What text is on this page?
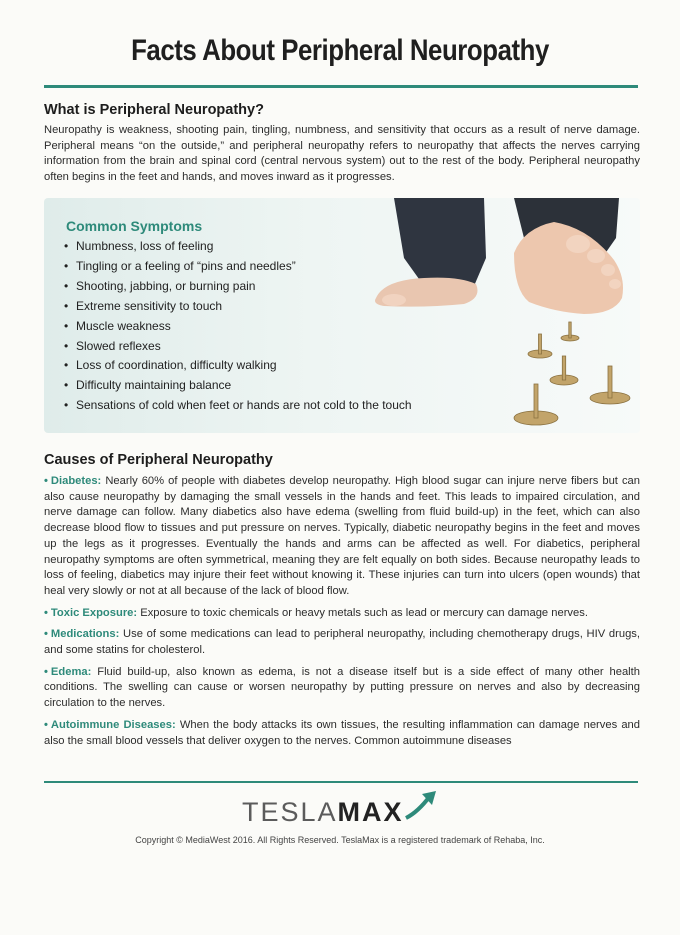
Facts About Peripheral Neuropathy
What is Peripheral Neuropathy?
Neuropathy is weakness, shooting pain, tingling, numbness, and sensitivity that occurs as a result of nerve damage. Peripheral means “on the outside,” and peripheral neuropathy refers to neuropathy that affects the nerves carrying information from the brain and spinal cord (central nervous system) out to the rest of the body. Peripheral neuropathy often begins in the feet and hands, and moves inward as it progresses.
Common Symptoms
• Numbness, loss of feeling
• Tingling or a feeling of “pins and needles”
• Shooting, jabbing, or burning pain
• Extreme sensitivity to touch
• Muscle weakness
• Slowed reflexes
• Loss of coordination, difficulty walking
• Difficulty maintaining balance
• Sensations of cold when feet or hands are not cold to the touch
Causes of Peripheral Neuropathy
• Diabetes: Nearly 60% of people with diabetes develop neuropathy. High blood sugar can injure nerve fibers but can also cause neuropathy by damaging the small vessels in the hands and feet. This leads to impaired circulation, and nerve damage can follow. Many diabetics also have edema (swelling from fluid build-up) in the feet, which can also decrease blood flow to tissues and put pressure on nerves. Typically, diabetic neuropathy begins in the feet and moves up the legs as it progresses. Eventually the hands and arms can be affected as well. For diabetics, peripheral neuropathy symptoms are often symmetrical, meaning they are felt equally on both sides. Because neuropathy leads to loss of feeling, diabetics may injure their feet without knowing it. These injuries can turn into ulcers (open wounds) that heal very slowly or not at all because of the lack of blood flow.
• Toxic Exposure: Exposure to toxic chemicals or heavy metals such as lead or mercury can damage nerves.
• Medications: Use of some medications can lead to peripheral neuropathy, including chemotherapy drugs, HIV drugs, and some statins for cholesterol.
• Edema: Fluid build-up, also known as edema, is not a disease itself but is a side effect of many other health conditions. The swelling can cause or worsen neuropathy by putting pressure on nerves and also by decreasing circulation to the nerves.
• Autoimmune Diseases: When the body attacks its own tissues, the resulting inflammation can damage nerves and also the small blood vessels that deliver oxygen to the nerves. Common autoimmune diseases
TESLAMAX
Copyright © MediaWest 2016. All Rights Reserved. TeslaMax is a registered trademark of Rehaba, Inc.
